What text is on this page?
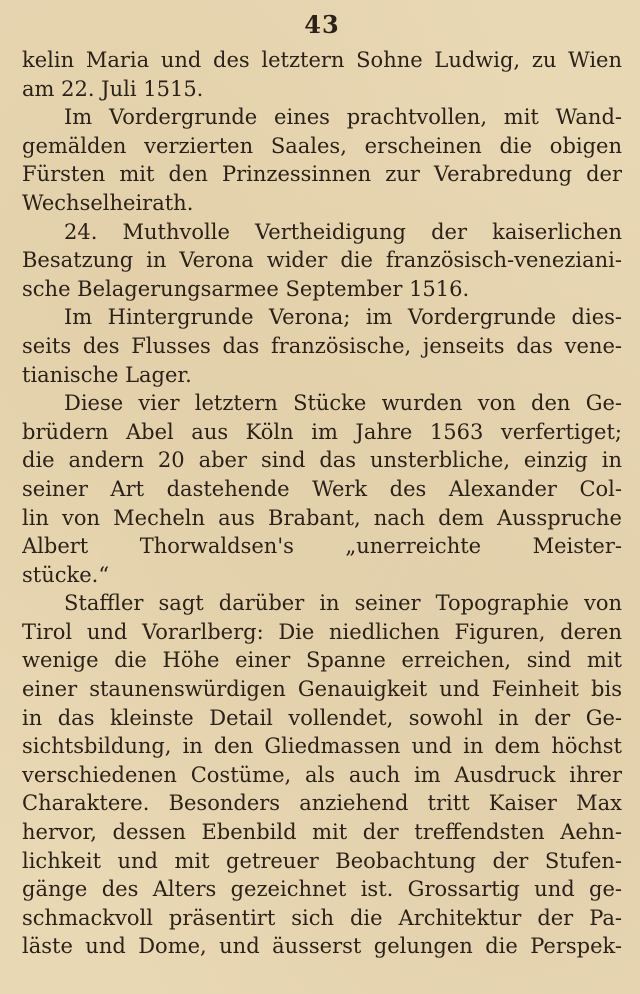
43
kelin Maria und des letztern Sohne Ludwig, zu Wien
am 22. Juli 1515.
Im Vordergrunde eines prachtvollen, mit Wand-
gemälden verzierten Saales, erscheinen die obigen
Fürsten mit den Prinzessinnen zur Verabredung der
Wechselheirath.
24. Muthvolle Vertheidigung der kaiserlichen
Besatzung in Verona wider die französisch-veneziani-
sche Belagerungsarmee September 1516.
Im Hintergrunde Verona; im Vordergrunde dies-
seits des Flusses das französische, jenseits das vene-
tianische Lager.
Diese vier letztern Stücke wurden von den Ge-
brüdern Abel aus Köln im Jahre 1563 verfertiget;
die andern 20 aber sind das unsterbliche, einzig in
seiner Art dastehende Werk des Alexander Col-
lin von Mecheln aus Brabant, nach dem Ausspruche
Albert Thorwaldsen's „unerreichte Meister-
stücke.“
Staffler sagt darüber in seiner Topographie von
Tirol und Vorarlberg: Die niedlichen Figuren, deren
wenige die Höhe einer Spanne erreichen, sind mit
einer staunenswürdigen Genauigkeit und Feinheit bis
in das kleinste Detail vollendet, sowohl in der Ge-
sichtsbildung, in den Gliedmassen und in dem höchst
verschiedenen Costüme, als auch im Ausdruck ihrer
Charaktere. Besonders anziehend tritt Kaiser Max
hervor, dessen Ebenbild mit der treffendsten Aehn-
lichkeit und mit getreuer Beobachtung der Stufen-
gänge des Alters gezeichnet ist. Grossartig und ge-
schmackvoll präsentirt sich die Architektur der Pa-
läste und Dome, und äusserst gelungen die Perspek-
